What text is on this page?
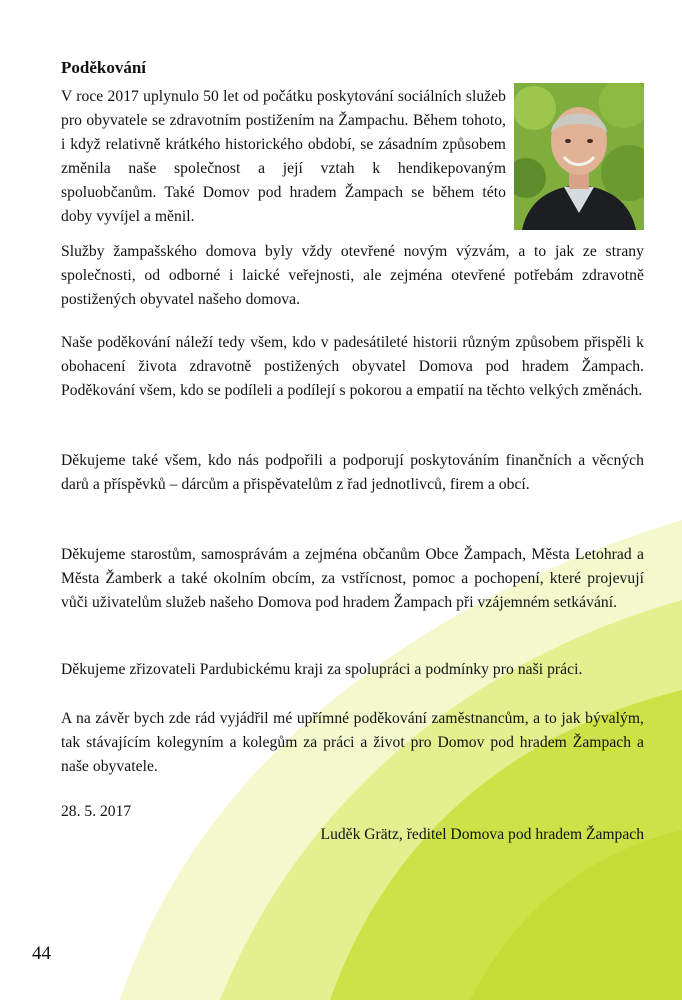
Poděkování

V roce 2017 uplynulo 50 let od počátku poskytování sociálních služeb pro obyvatele se zdravotním postižením na Žampachu. Během tohoto, i když relativně krátkého historického období, se zásadním způsobem změnila naše společnost a její vztah k hendikepovaným spoluobčanům. Také Domov pod hradem Žampach se během této doby vyvíjel a měnil.

Služby žampašského domova byly vždy otevřené novým výzvám, a to jak ze strany společnosti, od odborné i laické veřejnosti, ale zejména otevřené potřebám zdravotně postižených obyvatel našeho domova.

Naše poděkování náleží tedy všem, kdo v padesátileté historii různým způsobem přispěli k obohacení života zdravotně postižených obyvatel Domova pod hradem Žampach. Poděkování všem, kdo se podíleli a podílejí s pokorou a empatií na těchto velkých změnách.

Děkujeme také všem, kdo nás podpořili a podporují poskytováním finančních a věcných darů a příspěvků – dárcům a přispěvatelům z řad jednotlivců, firem a obcí.

Děkujeme starostům, samosprávám a zejména občanům Obce Žampach, Města Letohrad a Města Žamberk a také okolním obcím, za vstřícnost, pomoc a pochopení, které projevují vůči uživatelům služeb našeho Domova pod hradem Žampach při vzájemném setkávání.

Děkujeme zřizovateli Pardubickému kraji za spolupráci a podmínky pro naši práci.

A na závěr bych zde rád vyjádřil mé upřímné poděkování zaměstnancům, a to jak bývalým, tak stávajícím kolegyním a kolegům za práci a život pro Domov pod hradem Žampach a naše obyvatele.

28. 5. 2017

Luděk Grätz, ředitel Domova pod hradem Žampach

44
